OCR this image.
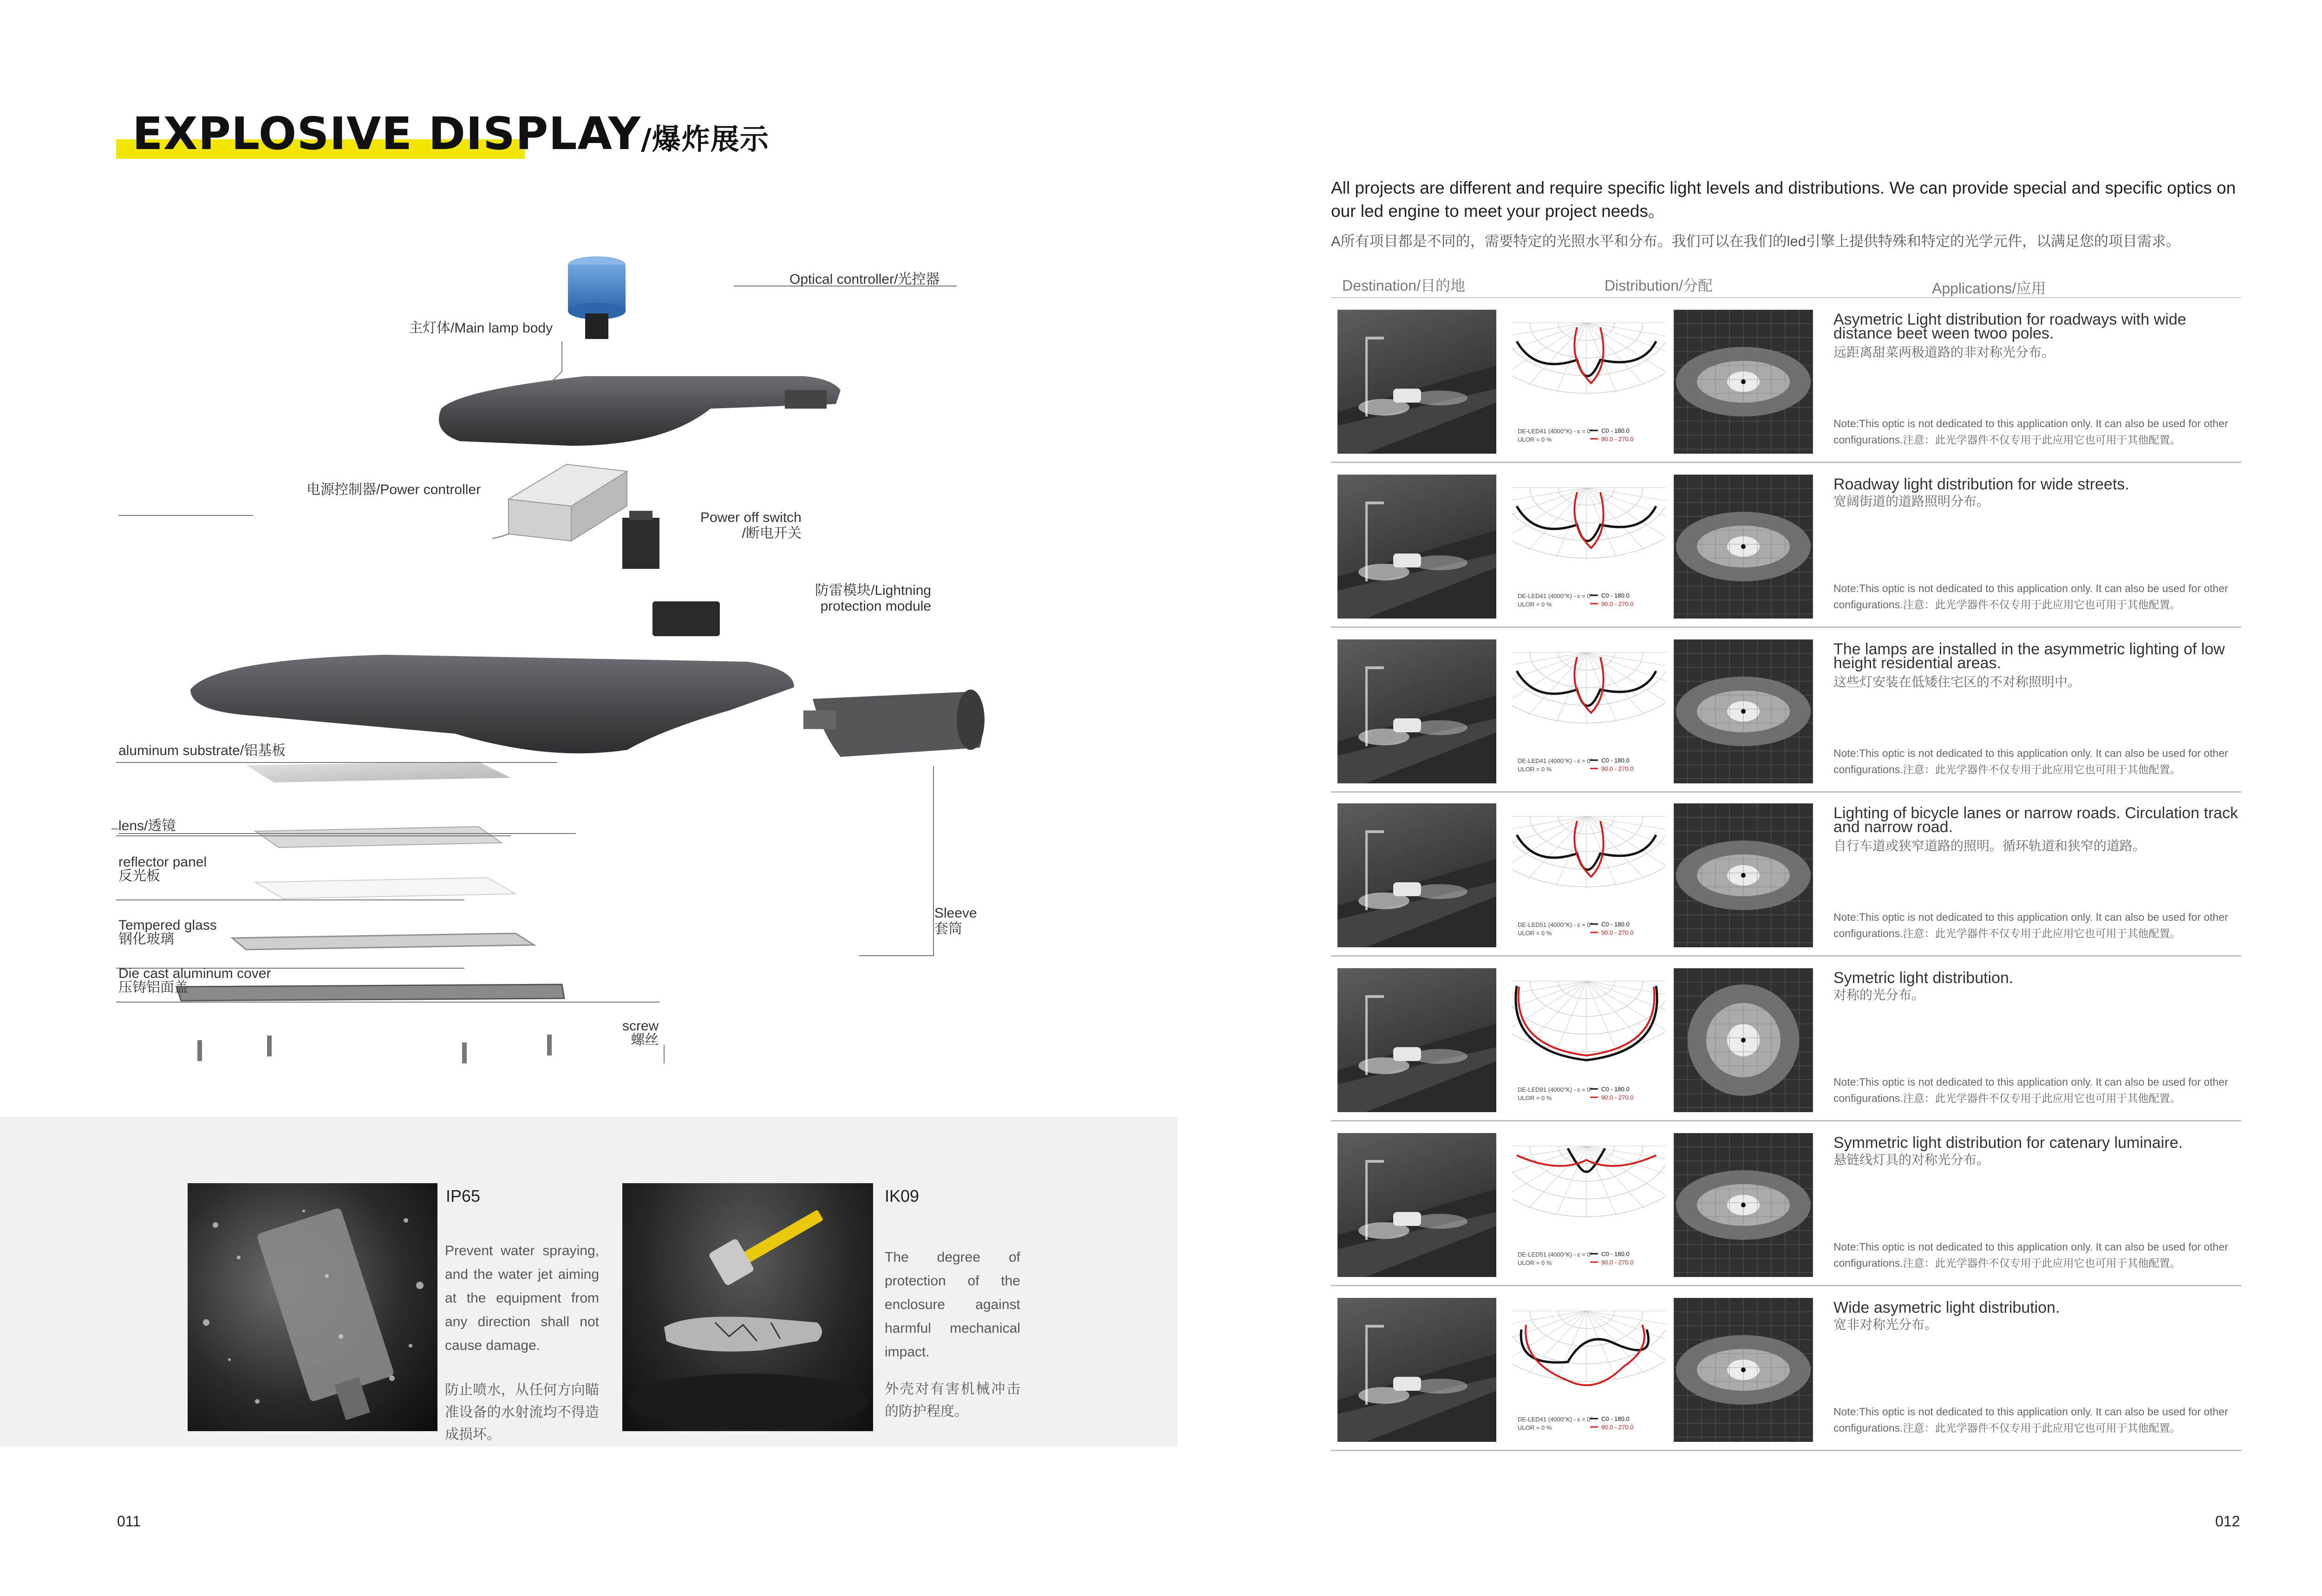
EXPLOSIVE DISPLAY/爆炸展示
Optical controller/光控器
主灯体/Main lamp body
电源控制器/Power controller
Power off switch
/断电开关
防雷模块/Lightning
protection module
aluminum substrate/铝基板
lens/透镜
reflector panel
反光板
Tempered glass
钢化玻璃
Die cast aluminum cover
压铸铝面盖
Sleeve
套筒
screw
螺丝
IP65
Prevent water spraying, and the water jet aiming at the equipment from any direction shall not cause damage.
防止喷水，从任何方向瞄准设备的水射流均不得造成损坏。
IK09
The degree of protection of the enclosure against harmful mechanical impact.
外壳对有害机械冲击的防护程度。
011
All projects are different and require specific light levels and distributions. We can provide special and specific optics on our led engine to meet your project needs。
A所有项目都是不同的，需要特定的光照水平和分布。我们可以在我们的led引擎上提供特殊和特定的光学元件，以满足您的项目需求。
Destination/目的地	Distribution/分配	Applications/应用
DE-LED41 (4000°K) - ε = 0°
ULOR = 0 %
C0 - 180.0
90.0 - 270.0
Asymetric Light distribution for roadways with wide distance beet ween twoo poles.
远距离甜菜两极道路的非对称光分布。
Note:This optic is not dedicated to this application only. It can also be used for other configurations.注意：此光学器件不仅专用于此应用它也可用于其他配置。
DE-LED41 (4000°K) - ε = 0°
ULOR = 0 %
C0 - 180.0
90.0 - 270.0
Roadway light distribution for wide streets.
宽阔街道的道路照明分布。
Note:This optic is not dedicated to this application only. It can also be used for other configurations.注意：此光学器件不仅专用于此应用它也可用于其他配置。
DE-LED41 (4000°K) - ε = 0°
ULOR = 0 %
C0 - 180.0
90.0 - 270.0
The lamps are installed in the asymmetric lighting of low height residential areas.
这些灯安装在低矮住宅区的不对称照明中。
Note:This optic is not dedicated to this application only. It can also be used for other configurations.注意：此光学器件不仅专用于此应用它也可用于其他配置。
DE-LED51 (4000°K) - ε = 0°
ULOR = 0 %
C0 - 180.0
90.0 - 270.0
Lighting of bicycle lanes or narrow roads. Circulation track and narrow road.
自行车道或狭窄道路的照明。循环轨道和狭窄的道路。
Note:This optic is not dedicated to this application only. It can also be used for other configurations.注意：此光学器件不仅专用于此应用它也可用于其他配置。
DE-LED91 (4000°K) - ε = 0°
ULOR = 0 %
C0 - 180.0
90.0 - 270.0
Symetric light distribution.
对称的光分布。
Note:This optic is not dedicated to this application only. It can also be used for other configurations.注意：此光学器件不仅专用于此应用它也可用于其他配置。
DE-LED51 (4000°K) - ε = 0°
ULOR = 0 %
C0 - 180.0
90.0 - 270.0
Symmetric light distribution for catenary luminaire.
悬链线灯具的对称光分布。
Note:This optic is not dedicated to this application only. It can also be used for other configurations.注意：此光学器件不仅专用于此应用它也可用于其他配置。
DE-LED41 (4000°K) - ε = 0°
ULOR = 0 %
C0 - 180.0
90.0 - 270.0
Wide asymetric light distribution.
宽非对称光分布。
Note:This optic is not dedicated to this application only. It can also be used for other configurations.注意：此光学器件不仅专用于此应用它也可用于其他配置。
012
